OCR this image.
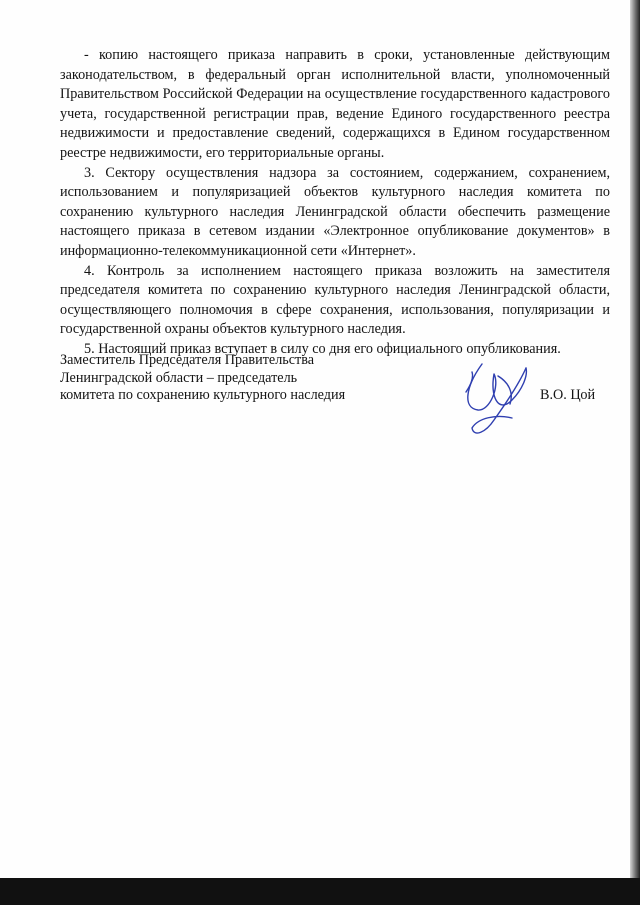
- копию настоящего приказа направить в сроки, установленные действующим законодательством, в федеральный орган исполнительной власти, уполномоченный Правительством Российской Федерации на осуществление государственного кадастрового учета, государственной регистрации прав, ведение Единого государственного реестра недвижимости и предоставление сведений, содержащихся в Едином государственном реестре недвижимости, его территориальные органы.

3. Сектору осуществления надзора за состоянием, содержанием, сохранением, использованием и популяризацией объектов культурного наследия комитета по сохранению культурного наследия Ленинградской области обеспечить размещение настоящего приказа в сетевом издании «Электронное опубликование документов» в информационно-телекоммуникационной сети «Интернет».

4. Контроль за исполнением настоящего приказа возложить на заместителя председателя комитета по сохранению культурного наследия Ленинградской области, осуществляющего полномочия в сфере сохранения, использования, популяризации и государственной охраны объектов культурного наследия.

5. Настоящий приказ вступает в силу со дня его официального опубликования.

Заместитель Председателя Правительства
Ленинградской области – председатель
комитета по сохранению культурного наследия	В.О. Цой
